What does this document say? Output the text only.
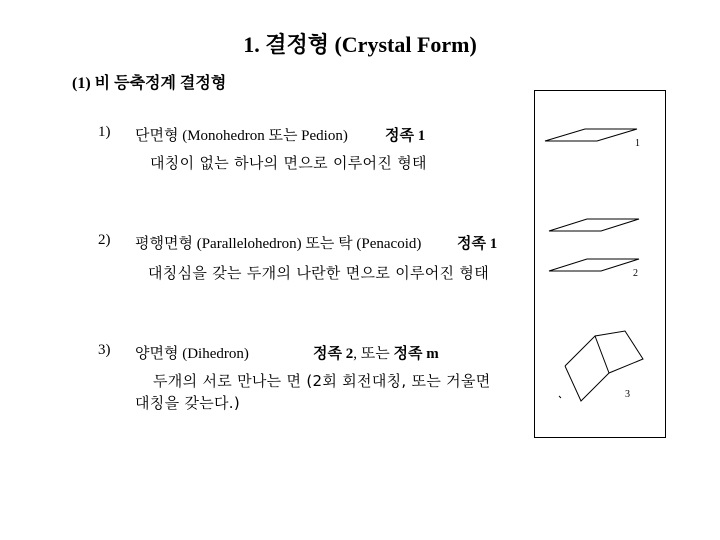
1. 결정형 (Crystal Form)
(1) 비 등축정계 결정형
1) 단면형 (Monohedron 또는 Pedion) 정족 1
대칭이 없는 하나의 면으로 이루어진 형태
2) 평행면형 (Parallelohedron) 또는 탁 (Penacoid) 정족 1
대칭심을 갖는 두개의 나란한 면으로 이루어진 형태
3) 양면형 (Dihedron)	정족 2, 또는 정족 m
두개의 서로 만나는 면 (2회 회전대칭, 또는 거울면
대칭을 갖는다.)
1
2
3
